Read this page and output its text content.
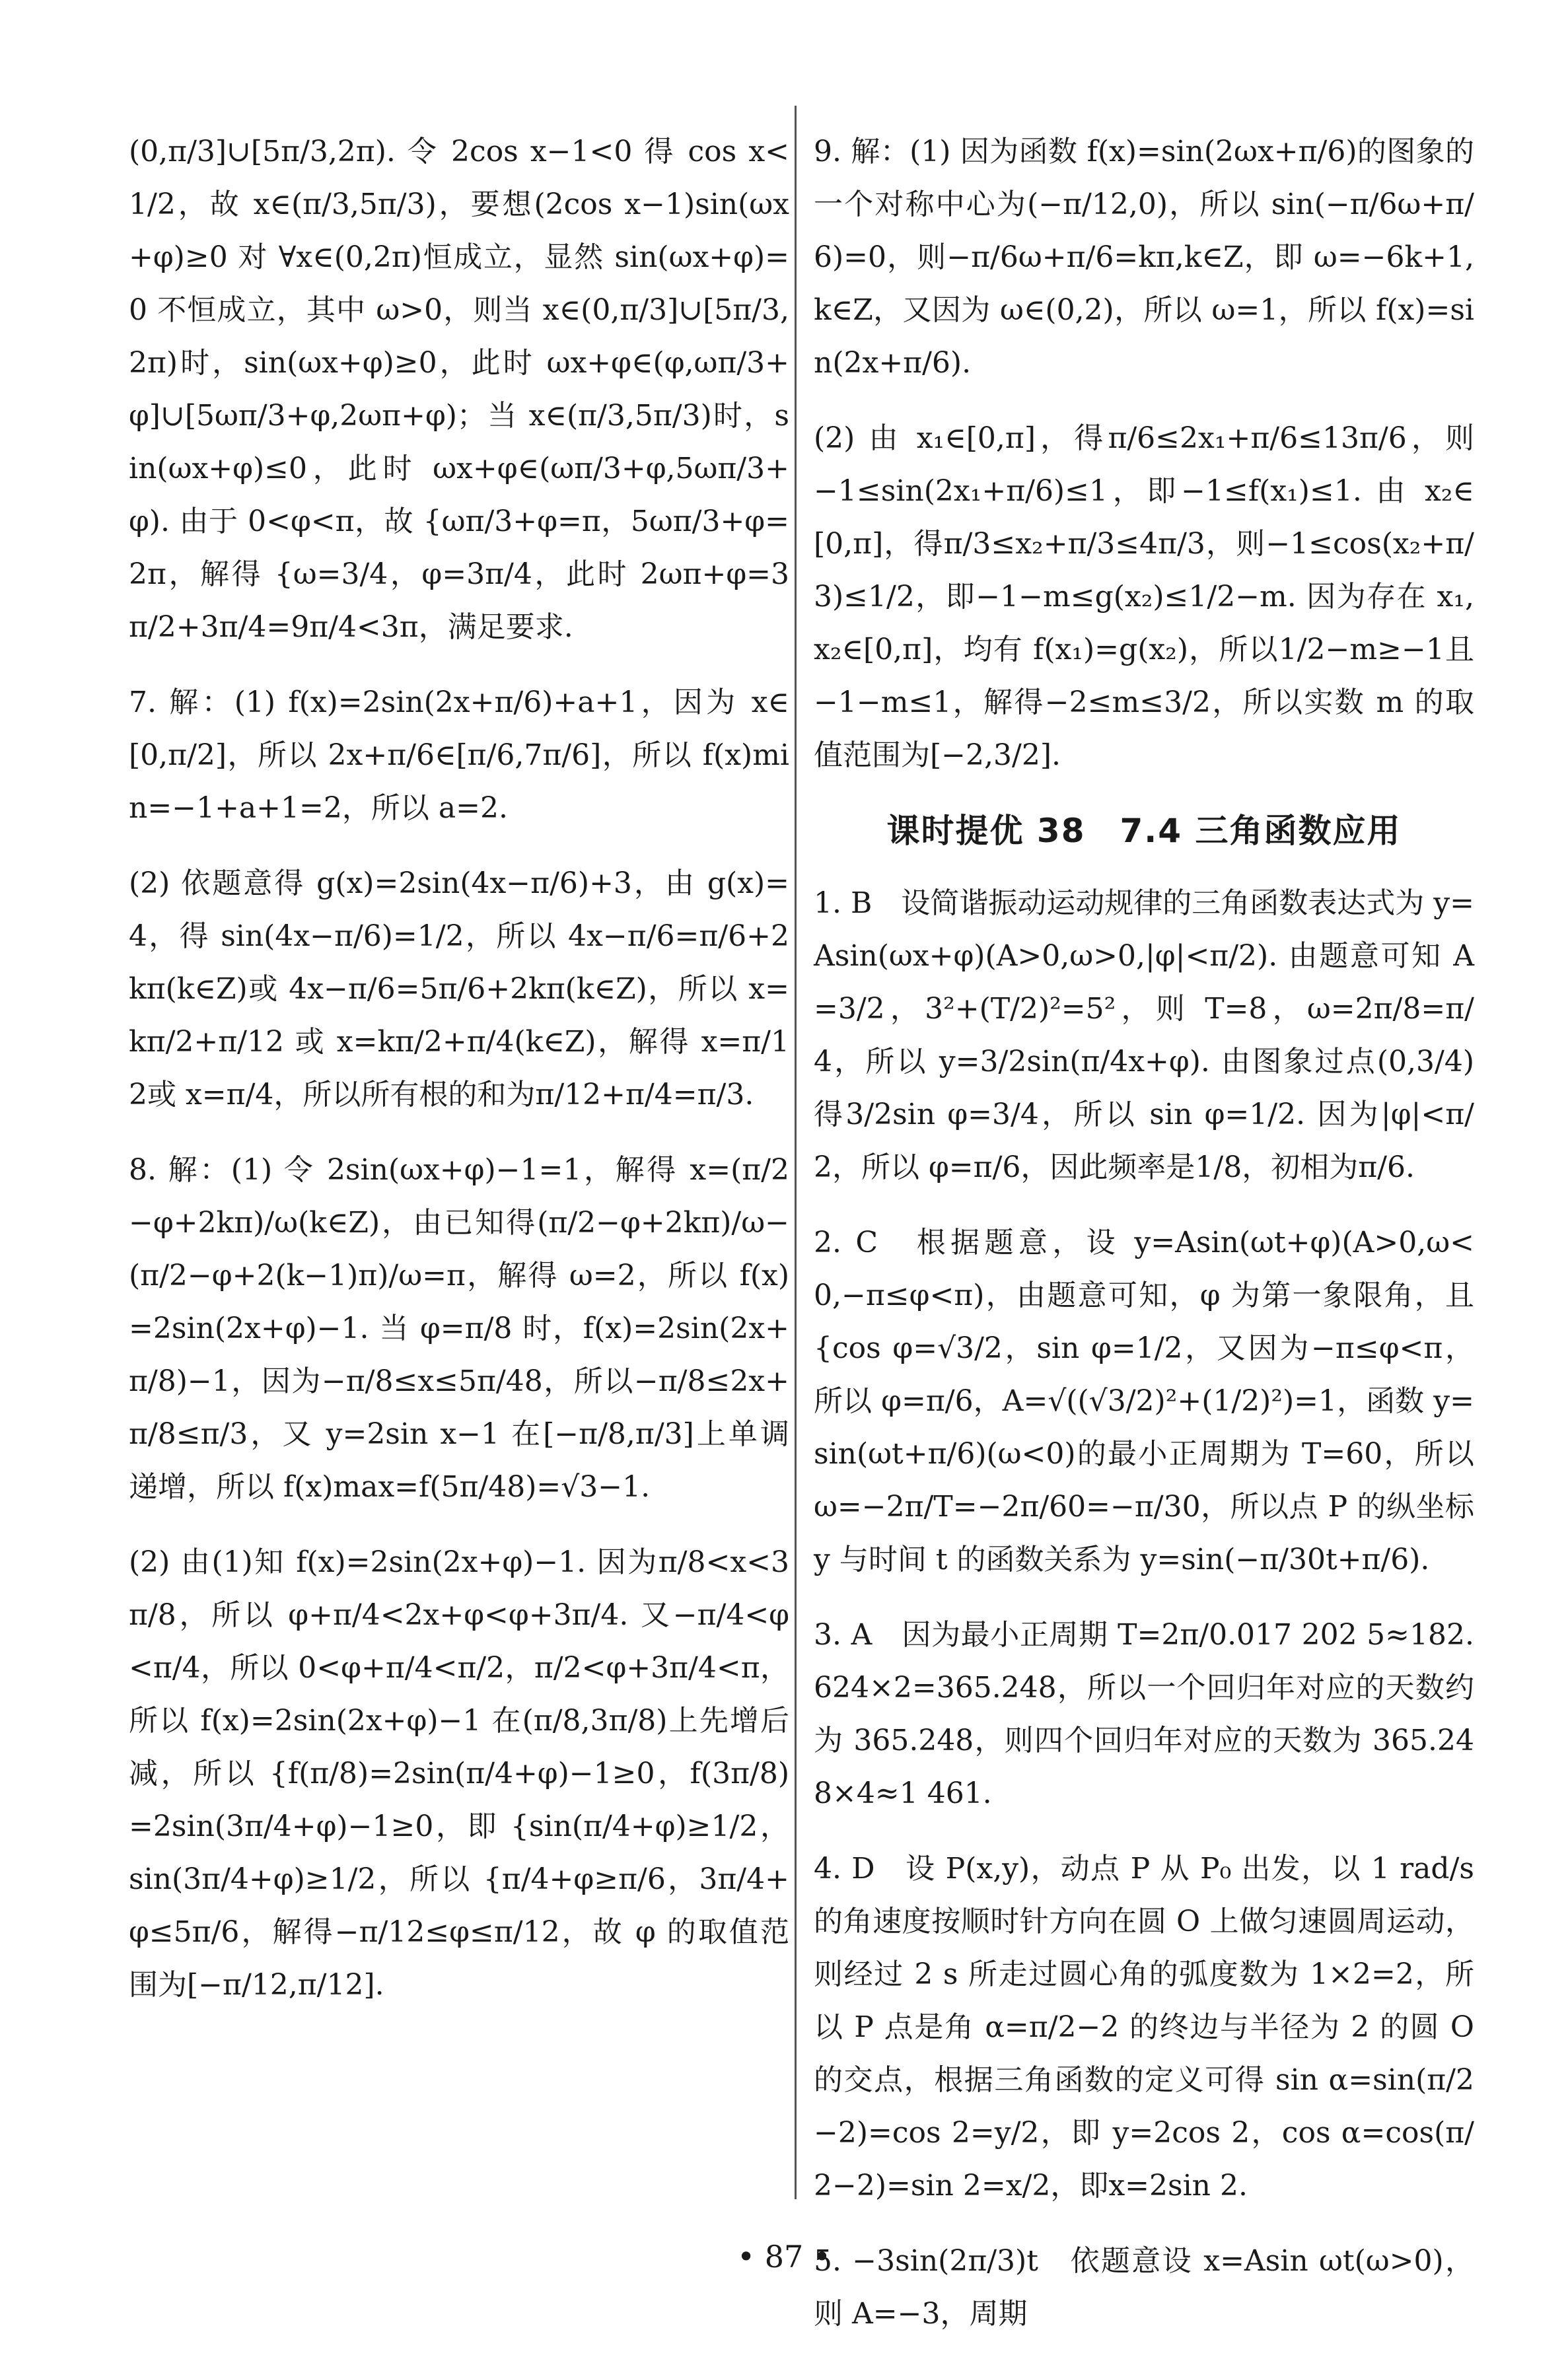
(0,π/3]∪[5π/3,2π). 令 2cos x−1<0 得 cos x<1/2，故 x∈(π/3,5π/3)，要想(2cos x−1)sin(ωx+φ)≥0 对 ∀x∈(0,2π)恒成立，显然 sin(ωx+φ)=0 不恒成立，其中 ω>0，则当 x∈(0,π/3]∪[5π/3,2π)时，sin(ωx+φ)≥0，此时 ωx+φ∈(φ,ωπ/3+φ]∪[5ωπ/3+φ,2ωπ+φ)；当 x∈(π/3,5π/3)时，sin(ωx+φ)≤0，此时 ωx+φ∈(ωπ/3+φ,5ωπ/3+φ). 由于 0<φ<π，故 {ωπ/3+φ=π，5ωπ/3+φ=2π，解得 {ω=3/4，φ=3π/4，此时 2ωπ+φ=3π/2+3π/4=9π/4<3π，满足要求.

7. 解：(1) f(x)=2sin(2x+π/6)+a+1，因为 x∈[0,π/2]，所以 2x+π/6∈[π/6,7π/6]，所以 f(x)min=−1+a+1=2，所以 a=2.

(2) 依题意得 g(x)=2sin(4x−π/6)+3，由 g(x)=4，得 sin(4x−π/6)=1/2，所以 4x−π/6=π/6+2kπ(k∈Z)或 4x−π/6=5π/6+2kπ(k∈Z)，所以 x=kπ/2+π/12 或 x=kπ/2+π/4(k∈Z)，解得 x=π/12或 x=π/4，所以所有根的和为π/12+π/4=π/3.

8. 解：(1) 令 2sin(ωx+φ)−1=1，解得 x=(π/2−φ+2kπ)/ω(k∈Z)，由已知得(π/2−φ+2kπ)/ω−(π/2−φ+2(k−1)π)/ω=π，解得 ω=2，所以 f(x)=2sin(2x+φ)−1. 当 φ=π/8 时，f(x)=2sin(2x+π/8)−1，因为−π/8≤x≤5π/48，所以−π/8≤2x+π/8≤π/3，又 y=2sin x−1 在[−π/8,π/3]上单调递增，所以 f(x)max=f(5π/48)=√3−1.

(2) 由(1)知 f(x)=2sin(2x+φ)−1. 因为π/8<x<3π/8，所以 φ+π/4<2x+φ<φ+3π/4. 又−π/4<φ<π/4，所以 0<φ+π/4<π/2，π/2<φ+3π/4<π，所以 f(x)=2sin(2x+φ)−1 在(π/8,3π/8)上先增后减，所以 {f(π/8)=2sin(π/4+φ)−1≥0，f(3π/8)=2sin(3π/4+φ)−1≥0，即 {sin(π/4+φ)≥1/2，sin(3π/4+φ)≥1/2，所以 {π/4+φ≥π/6，3π/4+φ≤5π/6，解得−π/12≤φ≤π/12，故 φ 的取值范围为[−π/12,π/12].

9. 解：(1) 因为函数 f(x)=sin(2ωx+π/6)的图象的一个对称中心为(−π/12,0)，所以 sin(−π/6ω+π/6)=0，则−π/6ω+π/6=kπ,k∈Z，即 ω=−6k+1,k∈Z，又因为 ω∈(0,2)，所以 ω=1，所以 f(x)=sin(2x+π/6).

(2) 由 x₁∈[0,π]，得π/6≤2x₁+π/6≤13π/6，则−1≤sin(2x₁+π/6)≤1，即−1≤f(x₁)≤1. 由 x₂∈[0,π]，得π/3≤x₂+π/3≤4π/3，则−1≤cos(x₂+π/3)≤1/2，即−1−m≤g(x₂)≤1/2−m. 因为存在 x₁,x₂∈[0,π]，均有 f(x₁)=g(x₂)，所以1/2−m≥−1且−1−m≤1，解得−2≤m≤3/2，所以实数 m 的取值范围为[−2,3/2].

课时提优 38　7.4 三角函数应用

1. B　设简谐振动运动规律的三角函数表达式为 y=Asin(ωx+φ)(A>0,ω>0,|φ|<π/2). 由题意可知 A=3/2，3²+(T/2)²=5²，则 T=8，ω=2π/8=π/4，所以 y=3/2sin(π/4x+φ). 由图象过点(0,3/4)得3/2sin φ=3/4，所以 sin φ=1/2. 因为|φ|<π/2，所以 φ=π/6，因此频率是1/8，初相为π/6.

2. C　根据题意，设 y=Asin(ωt+φ)(A>0,ω<0,−π≤φ<π)，由题意可知，φ 为第一象限角，且 {cos φ=√3/2，sin φ=1/2，又因为−π≤φ<π，所以 φ=π/6，A=√((√3/2)²+(1/2)²)=1，函数 y=sin(ωt+π/6)(ω<0)的最小正周期为 T=60，所以 ω=−2π/T=−2π/60=−π/30，所以点 P 的纵坐标 y 与时间 t 的函数关系为 y=sin(−π/30t+π/6).

3. A　因为最小正周期 T=2π/0.017 202 5≈182.624×2=365.248，所以一个回归年对应的天数约为 365.248，则四个回归年对应的天数为 365.248×4≈1 461.

4. D　设 P(x,y)，动点 P 从 P₀ 出发，以 1 rad/s 的角速度按顺时针方向在圆 O 上做匀速圆周运动，则经过 2 s 所走过圆心角的弧度数为 1×2=2，所以 P 点是角 α=π/2−2 的终边与半径为 2 的圆 O 的交点，根据三角函数的定义可得 sin α=sin(π/2−2)=cos 2=y/2，即 y=2cos 2，cos α=cos(π/2−2)=sin 2=x/2，即x=2sin 2.

5. −3sin(2π/3)t　依题意设 x=Asin ωt(ω>0)，则 A=−3，周期

• 87 •
